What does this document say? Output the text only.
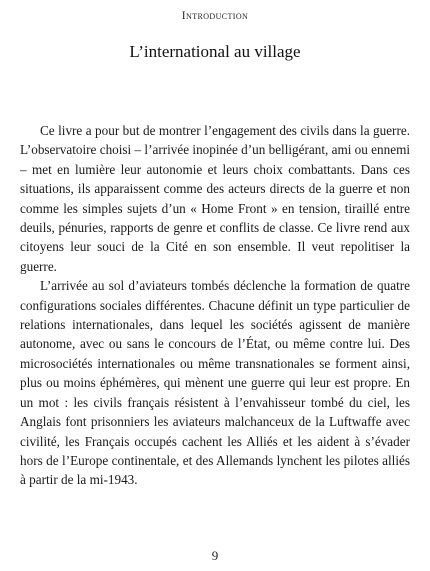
Introduction
L’international au village

Ce livre a pour but de montrer l’engagement des civils dans la guerre. L’observatoire choisi – l’arrivée inopinée d’un belligérant, ami ou ennemi – met en lumière leur autonomie et leurs choix combattants. Dans ces situations, ils apparaissent comme des acteurs directs de la guerre et non comme les simples sujets d’un « Home Front » en tension, tiraillé entre deuils, pénuries, rapports de genre et conflits de classe. Ce livre rend aux citoyens leur souci de la Cité en son ensemble. Il veut repolitiser la guerre.

L’arrivée au sol d’aviateurs tombés déclenche la formation de quatre configurations sociales différentes. Chacune définit un type particulier de relations internationales, dans lequel les sociétés agissent de manière autonome, avec ou sans le concours de l’État, ou même contre lui. Des microsociétés internationales ou même transnationales se forment ainsi, plus ou moins éphémères, qui mènent une guerre qui leur est propre. En un mot : les civils français résistent à l’envahisseur tombé du ciel, les Anglais font prisonniers les aviateurs malchanceux de la Luftwaffe avec civilité, les Français occupés cachent les Alliés et les aident à s’évader hors de l’Europe continentale, et des Allemands lynchent les pilotes alliés à partir de la mi-1943.

9
